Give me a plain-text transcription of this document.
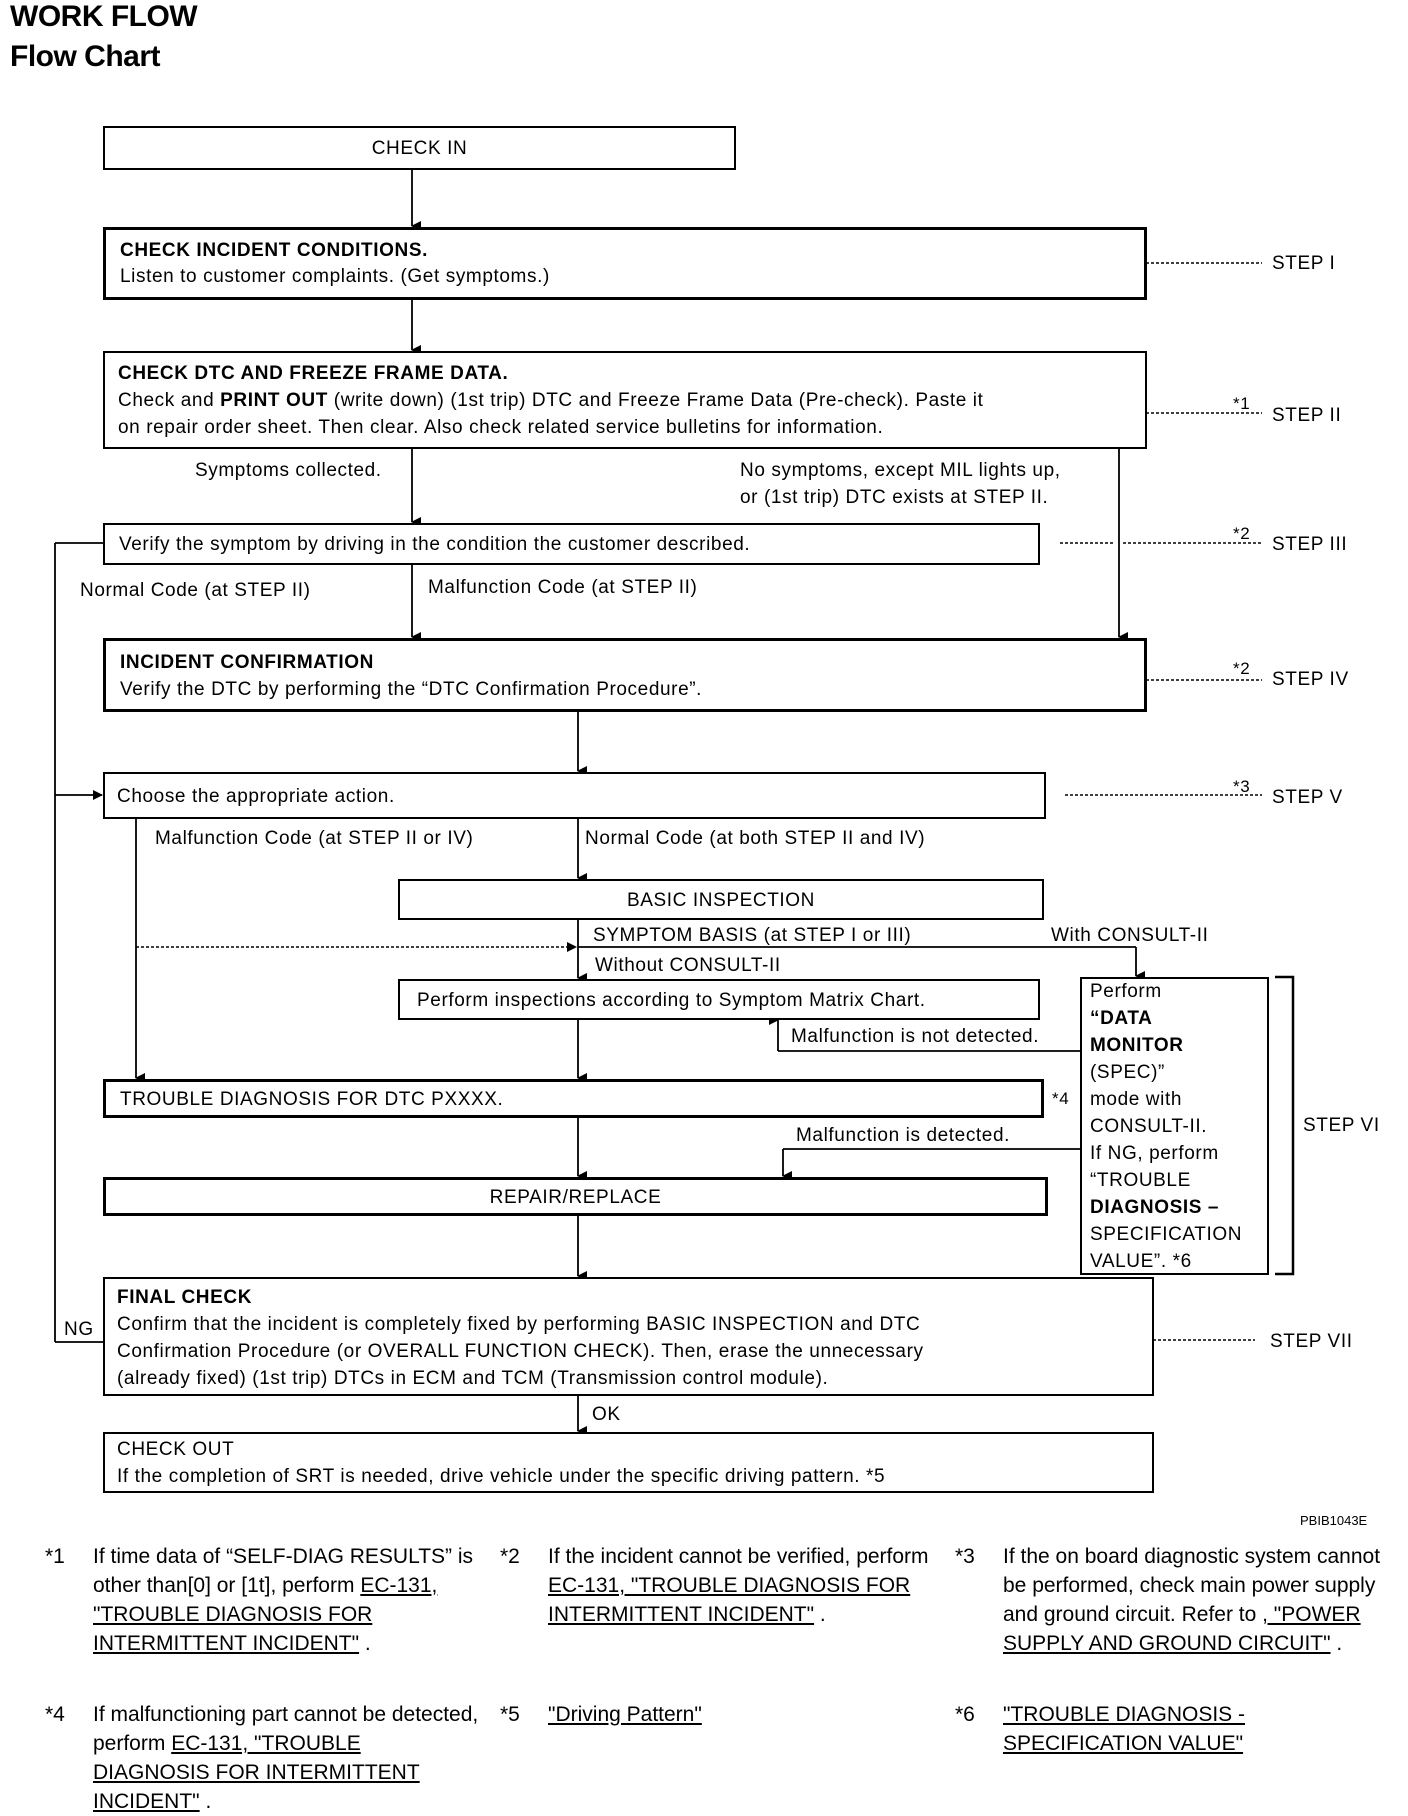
WORK FLOW
Flow Chart
CHECK IN
CHECK INCIDENT CONDITIONS.
Listen to customer complaints. (Get symptoms.)
CHECK DTC AND FREEZE FRAME DATA.
Check and PRINT OUT (write down) (1st trip) DTC and Freeze Frame Data (Pre-check). Paste it
on repair order sheet. Then clear. Also check related service bulletins for information.
Symptoms collected.	No symptoms, except MIL lights up,
or (1st trip) DTC exists at STEP II.
Verify the symptom by driving in the condition the customer described.
Normal Code (at STEP II)	Malfunction Code (at STEP II)
INCIDENT CONFIRMATION
Verify the DTC by performing the “DTC Confirmation Procedure”.
Choose the appropriate action.
Malfunction Code (at STEP II or IV)	Normal Code (at both STEP II and IV)
BASIC INSPECTION
SYMPTOM BASIS (at STEP I or III)	With CONSULT-II
Without CONSULT-II
Perform inspections according to Symptom Matrix Chart.
Malfunction is not detected.
TROUBLE DIAGNOSIS FOR DTC PXXXX.	*4
Malfunction is detected.
Perform
“DATA
MONITOR
(SPEC)”
mode with
CONSULT-II.
If NG, perform
“TROUBLE
DIAGNOSIS –
SPECIFICATION
VALUE”. *6
REPAIR/REPLACE
FINAL CHECK
Confirm that the incident is completely fixed by performing BASIC INSPECTION and DTC
Confirmation Procedure (or OVERALL FUNCTION CHECK). Then, erase the unnecessary
(already fixed) (1st trip) DTCs in ECM and TCM (Transmission control module).
NG
OK
CHECK OUT
If the completion of SRT is needed, drive vehicle under the specific driving pattern. *5
STEP I
*1
STEP II
*2
STEP III
*2
STEP IV
*3
STEP V
STEP VI
STEP VII
PBIB1043E
*1 If time data of “SELF-DIAG RESULTS” is other than[0] or [1t], perform EC-131, "TROUBLE DIAGNOSIS FOR INTERMITTENT INCIDENT" .
*2 If the incident cannot be verified, perform EC-131, "TROUBLE DIAGNOSIS FOR INTERMITTENT INCIDENT" .
*3 If the on board diagnostic system cannot be performed, check main power supply and ground circuit. Refer to , "POWER SUPPLY AND GROUND CIRCUIT" .
*4 If malfunctioning part cannot be detected, perform EC-131, "TROUBLE DIAGNOSIS FOR INTERMITTENT INCIDENT" .
*5 "Driving Pattern"	*6 "TROUBLE DIAGNOSIS - SPECIFICATION VALUE"
